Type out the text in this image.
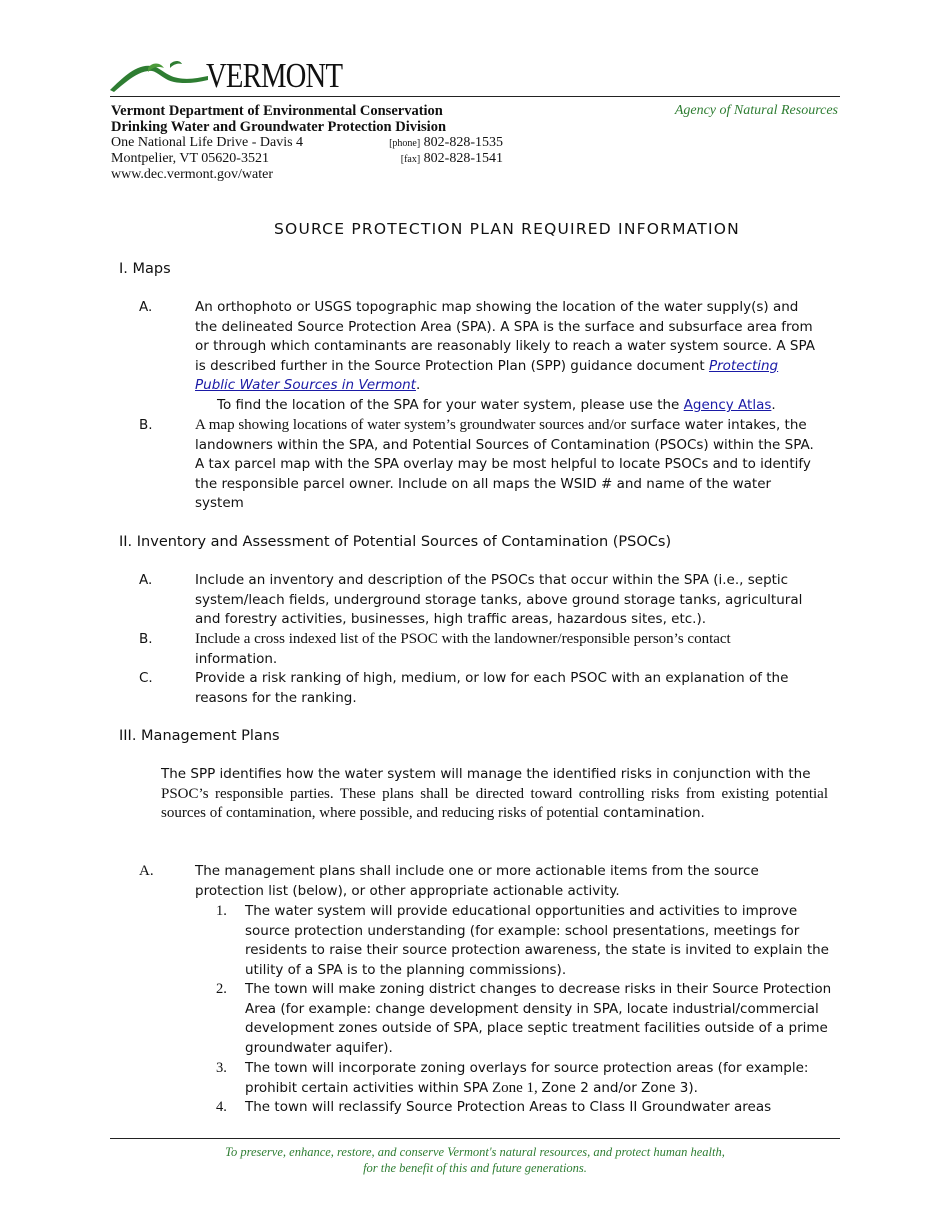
VERMONT
Vermont Department of Environmental Conservation
Drinking Water and Groundwater Protection Division
One National Life Drive - Davis 4	[phone] 802-828-1535
Montpelier, VT 05620-3521	[fax] 802-828-1541
www.dec.vermont.gov/water
Agency of Natural Resources
SOURCE PROTECTION PLAN REQUIRED INFORMATION
I. Maps
A.	An orthophoto or USGS topographic map showing the location of the water supply(s) and the delineated Source Protection Area (SPA). A SPA is the surface and subsurface area from or through which contaminants are reasonably likely to reach a water system source. A SPA is described further in the Source Protection Plan (SPP) guidance document Protecting Public Water Sources in Vermont.
To find the location of the SPA for your water system, please use the Agency Atlas.
B.	A map showing locations of water system’s groundwater sources and/or surface water intakes, the landowners within the SPA, and Potential Sources of Contamination (PSOCs) within the SPA. A tax parcel map with the SPA overlay may be most helpful to locate PSOCs and to identify the responsible parcel owner. Include on all maps the WSID # and name of the water system
II. Inventory and Assessment of Potential Sources of Contamination (PSOCs)
A.	Include an inventory and description of the PSOCs that occur within the SPA (i.e., septic system/leach fields, underground storage tanks, above ground storage tanks, agricultural and forestry activities, businesses, high traffic areas, hazardous sites, etc.).
B.	Include a cross indexed list of the PSOC with the landowner/responsible person’s contact
information.
C.	Provide a risk ranking of high, medium, or low for each PSOC with an explanation of the reasons for the ranking.
III. Management Plans
The SPP identifies how the water system will manage the identified risks in conjunction with the
PSOC’s responsible parties. These plans shall be directed toward controlling risks from existing potential sources of contamination, where possible, and reducing risks of potential contamination.
A.	The management plans shall include one or more actionable items from the source protection list (below), or other appropriate actionable activity.
1. The water system will provide educational opportunities and activities to improve source protection understanding (for example: school presentations, meetings for residents to raise their source protection awareness, the state is invited to explain the utility of a SPA is to the planning commissions).
2. The town will make zoning district changes to decrease risks in their Source Protection Area (for example: change development density in SPA, locate industrial/commercial development zones outside of SPA, place septic treatment facilities outside of a prime groundwater aquifer).
3. The town will incorporate zoning overlays for source protection areas (for example: prohibit certain activities within SPA Zone 1, Zone 2 and/or Zone 3).
4. The town will reclassify Source Protection Areas to Class II Groundwater areas
To preserve, enhance, restore, and conserve Vermont's natural resources, and protect human health,
for the benefit of this and future generations.
